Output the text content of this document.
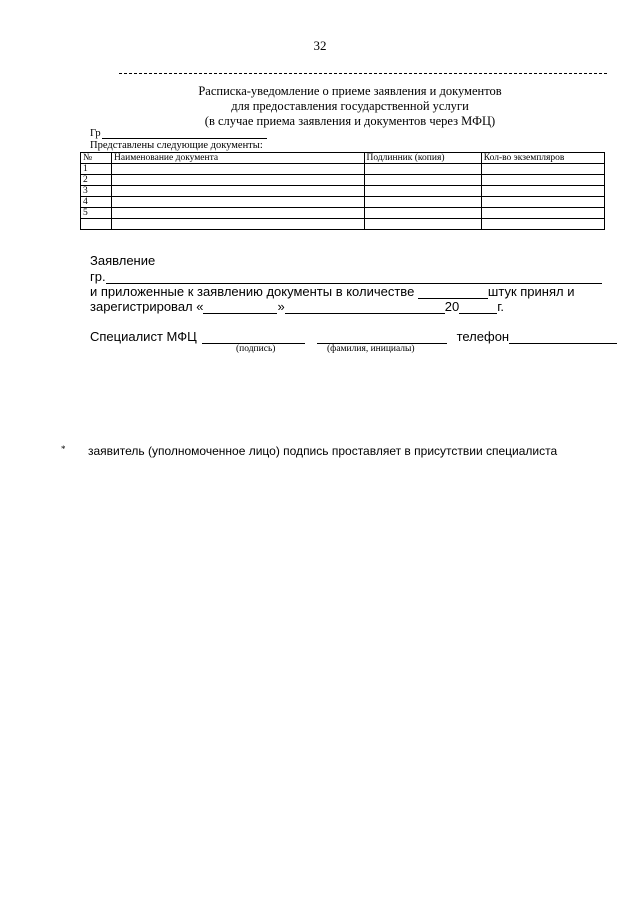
32
Расписка-уведомление о приеме заявления и документов
для предоставления государственной услуги
(в случае приема заявления и документов через МФЦ)
Гр
Представлены следующие документы:
№	Наименование документа	Подлинник (копия)	Кол-во экземпляров
1			
2			
3			
4			
5			

Заявление
гр.
и приложенные к заявлению документы в количестве	штук принял и
зарегистрировал «	»	20	г.
Специалист МФЦ	телефон
(подпись)	(фамилия, инициалы)
* заявитель (уполномоченное лицо) подпись проставляет в присутствии специалиста
